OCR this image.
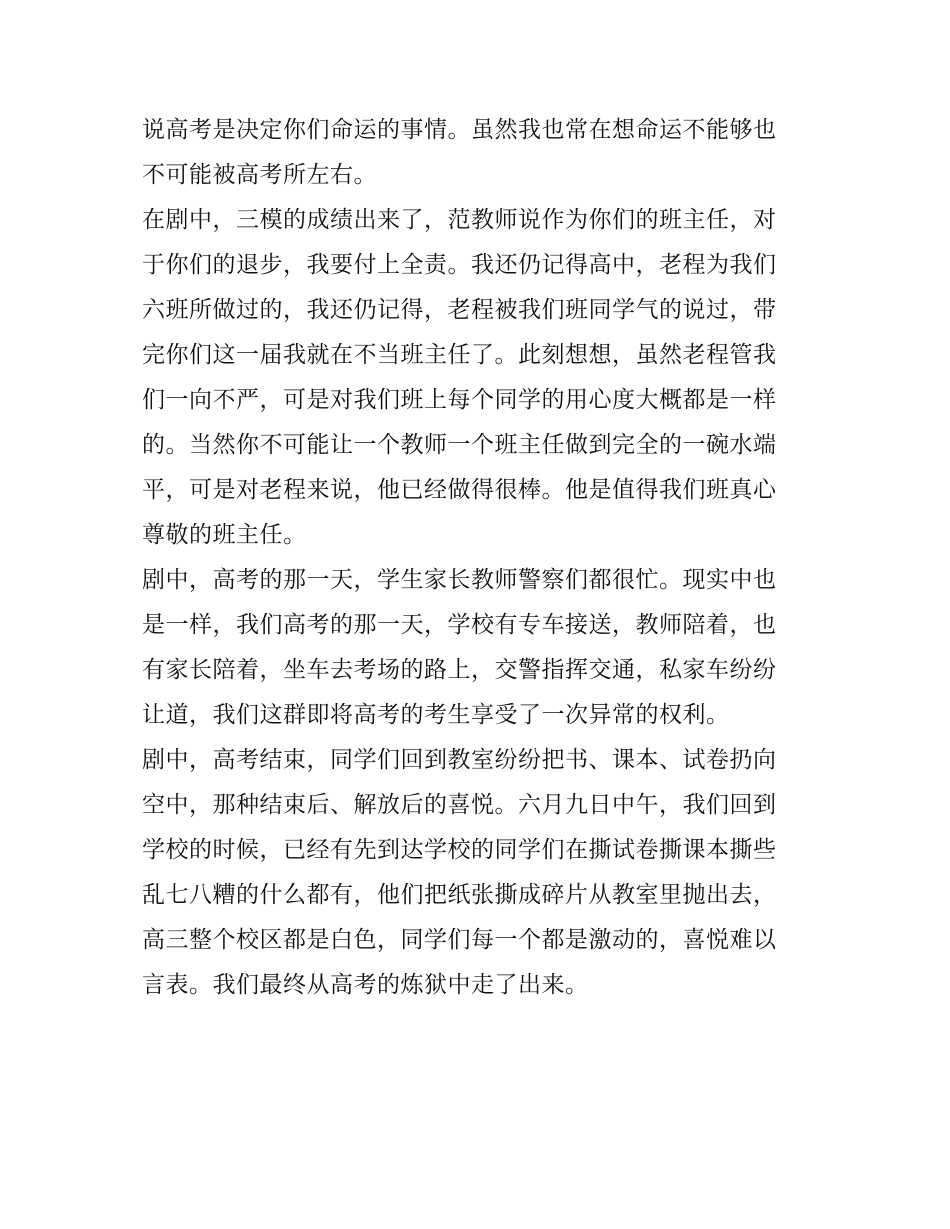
说高考是决定你们命运的事情。虽然我也常在想命运不能够也
不可能被高考所左右。
在剧中，三模的成绩出来了，范教师说作为你们的班主任，对
于你们的退步，我要付上全责。我还仍记得高中，老程为我们
六班所做过的，我还仍记得，老程被我们班同学气的说过，带
完你们这一届我就在不当班主任了。此刻想想，虽然老程管我
们一向不严，可是对我们班上每个同学的用心度大概都是一样
的。当然你不可能让一个教师一个班主任做到完全的一碗水端
平，可是对老程来说，他已经做得很棒。他是值得我们班真心
尊敬的班主任。
剧中，高考的那一天，学生家长教师警察们都很忙。现实中也
是一样，我们高考的那一天，学校有专车接送，教师陪着，也
有家长陪着，坐车去考场的路上，交警指挥交通，私家车纷纷
让道，我们这群即将高考的考生享受了一次异常的权利。
剧中，高考结束，同学们回到教室纷纷把书、课本、试卷扔向
空中，那种结束后、解放后的喜悦。六月九日中午，我们回到
学校的时候，已经有先到达学校的同学们在撕试卷撕课本撕些
乱七八糟的什么都有，他们把纸张撕成碎片从教室里抛出去，
高三整个校区都是白色，同学们每一个都是激动的，喜悦难以
言表。我们最终从高考的炼狱中走了出来。
